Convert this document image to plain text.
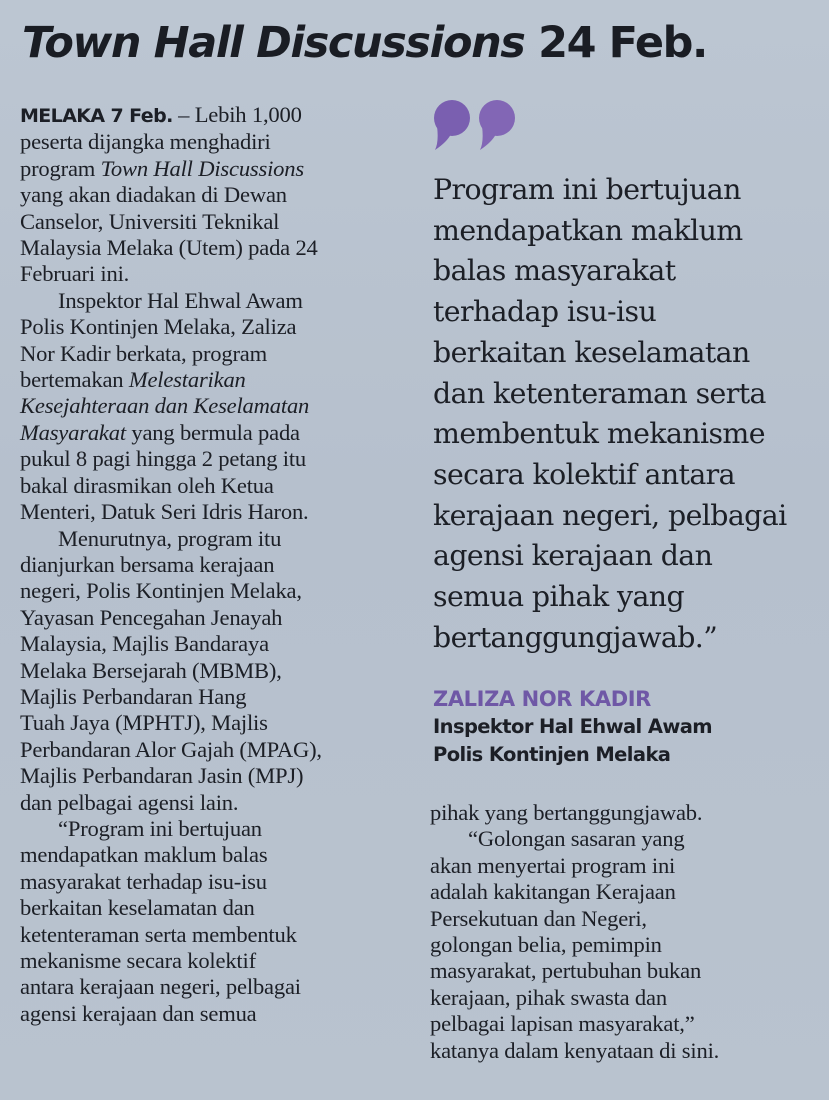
Town Hall Discussions 24 Feb.

MELAKA 7 Feb. – Lebih 1,000

peserta dijangka menghadiri

program Town Hall Discussions

yang akan diadakan di Dewan

Canselor, Universiti Teknikal

Malaysia Melaka (Utem) pada 24

Februari ini.

Inspektor Hal Ehwal Awam

Polis Kontinjen Melaka, Zaliza

Nor Kadir berkata, program

bertemakan Melestarikan

Kesejahteraan dan Keselamatan

Masyarakat yang bermula pada

pukul 8 pagi hingga 2 petang itu

bakal dirasmikan oleh Ketua

Menteri, Datuk Seri Idris Haron.

Menurutnya, program itu

dianjurkan bersama kerajaan

negeri, Polis Kontinjen Melaka,

Yayasan Pencegahan Jenayah

Malaysia, Majlis Bandaraya

Melaka Bersejarah (MBMB),

Majlis Perbandaran Hang

Tuah Jaya (MPHTJ), Majlis

Perbandaran Alor Gajah (MPAG),

Majlis Perbandaran Jasin (MPJ)

dan pelbagai agensi lain.

“Program ini bertujuan

mendapatkan maklum balas

masyarakat terhadap isu-isu

berkaitan keselamatan dan

ketenteraman serta membentuk

mekanisme secara kolektif

antara kerajaan negeri, pelbagai

agensi kerajaan dan semua

Program ini bertujuan

mendapatkan maklum

balas masyarakat

terhadap isu-isu

berkaitan keselamatan

dan ketenteraman serta

membentuk mekanisme

secara kolektif antara

kerajaan negeri, pelbagai

agensi kerajaan dan

semua pihak yang

bertanggungjawab.”

ZALIZA NOR KADIR
Inspektor Hal Ehwal Awam
Polis Kontinjen Melaka

pihak yang bertanggungjawab.

“Golongan sasaran yang

akan menyertai program ini

adalah kakitangan Kerajaan

Persekutuan dan Negeri,

golongan belia, pemimpin

masyarakat, pertubuhan bukan

kerajaan, pihak swasta dan

pelbagai lapisan masyarakat,”

katanya dalam kenyataan di sini.
